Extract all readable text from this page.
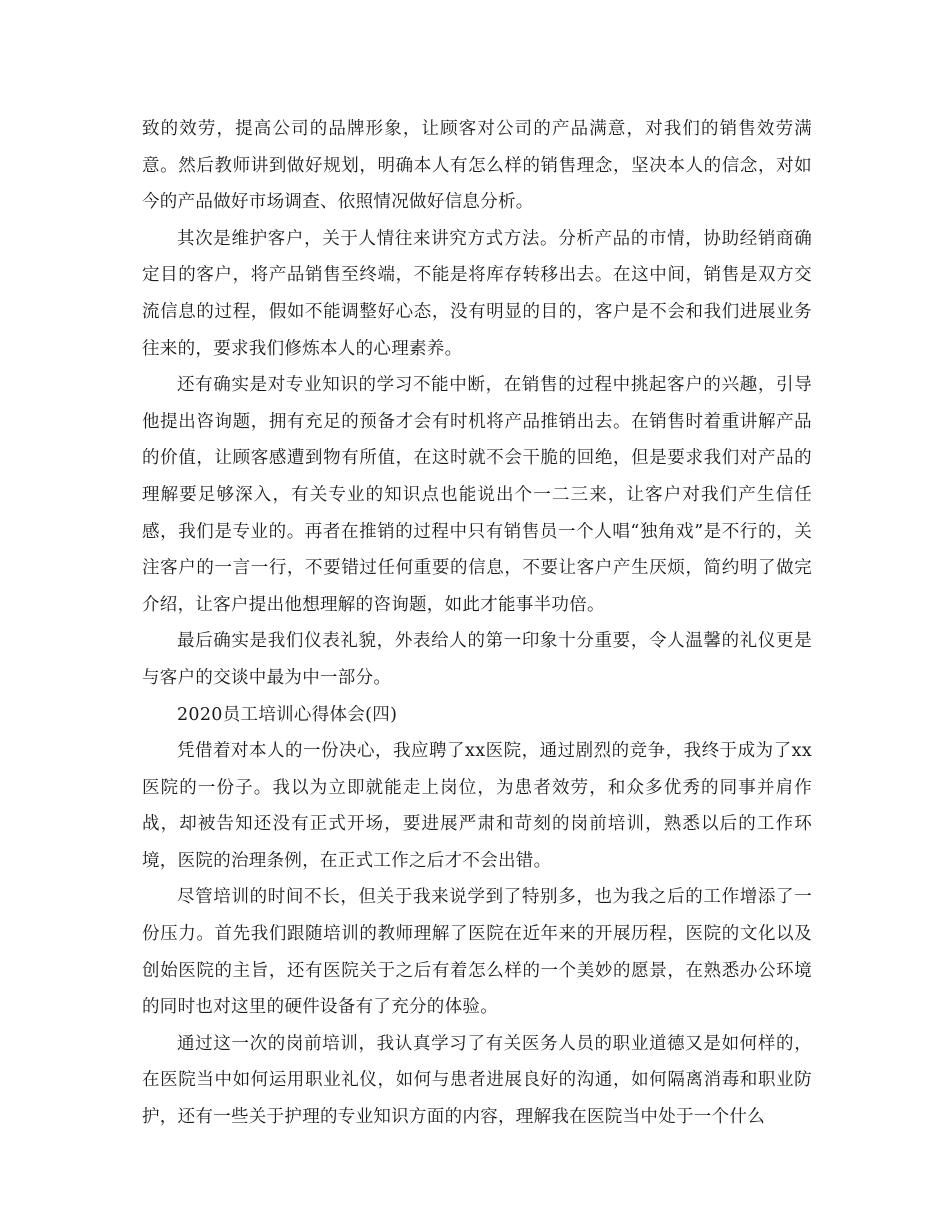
致的效劳，提高公司的品牌形象，让顾客对公司的产品满意，对我们的销售效劳满意。然后教师讲到做好规划，明确本人有怎么样的销售理念，坚决本人的信念，对如今的产品做好市场调查、依照情况做好信息分析。

其次是维护客户，关于人情往来讲究方式方法。分析产品的市情，协助经销商确定目的客户，将产品销售至终端，不能是将库存转移出去。在这中间，销售是双方交流信息的过程，假如不能调整好心态，没有明显的目的，客户是不会和我们进展业务往来的，要求我们修炼本人的心理素养。

还有确实是对专业知识的学习不能中断，在销售的过程中挑起客户的兴趣，引导他提出咨询题，拥有充足的预备才会有时机将产品推销出去。在销售时着重讲解产品的价值，让顾客感遭到物有所值，在这时就不会干脆的回绝，但是要求我们对产品的理解要足够深入，有关专业的知识点也能说出个一二三来，让客户对我们产生信任感，我们是专业的。再者在推销的过程中只有销售员一个人唱“独角戏”是不行的，关注客户的一言一行，不要错过任何重要的信息，不要让客户产生厌烦，简约明了做完介绍，让客户提出他想理解的咨询题，如此才能事半功倍。

最后确实是我们仪表礼貌，外表给人的第一印象十分重要，令人温馨的礼仪更是与客户的交谈中最为中一部分。

2020员工培训心得体会(四)

凭借着对本人的一份决心，我应聘了xx医院，通过剧烈的竞争，我终于成为了xx医院的一份子。我以为立即就能走上岗位，为患者效劳，和众多优秀的同事并肩作战，却被告知还没有正式开场，要进展严肃和苛刻的岗前培训，熟悉以后的工作环境，医院的治理条例，在正式工作之后才不会出错。

尽管培训的时间不长，但关于我来说学到了特别多，也为我之后的工作增添了一份压力。首先我们跟随培训的教师理解了医院在近年来的开展历程，医院的文化以及创始医院的主旨，还有医院关于之后有着怎么样的一个美妙的愿景，在熟悉办公环境的同时也对这里的硬件设备有了充分的体验。

通过这一次的岗前培训，我认真学习了有关医务人员的职业道德又是如何样的，在医院当中如何运用职业礼仪，如何与患者进展良好的沟通，如何隔离消毒和职业防护，还有一些关于护理的专业知识方面的内容，理解我在医院当中处于一个什么
